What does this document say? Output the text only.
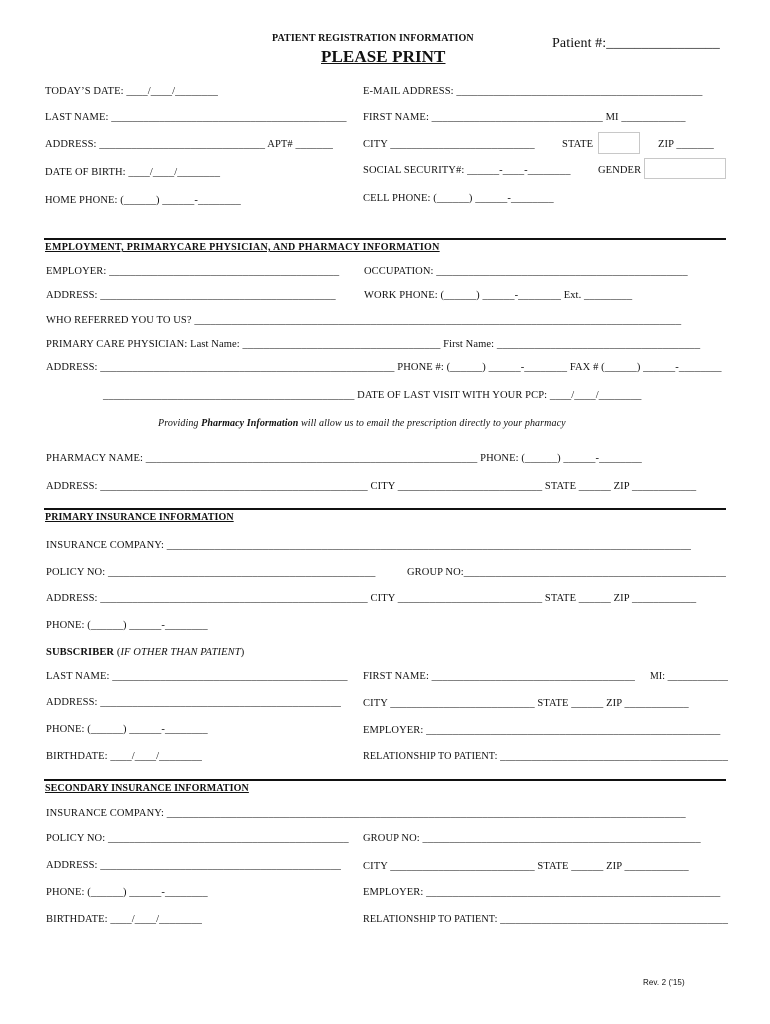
PATIENT REGISTRATION INFORMATION	Patient #:________________
PLEASE PRINT
TODAY’S DATE: ____/____/________	E-MAIL ADDRESS: ______________________________________________
LAST NAME: ____________________________________________ FIRST NAME: ________________________________ MI ____________
ADDRESS: _______________________________ APT# _______	CITY ___________________________	STATE	ZIP _______
DATE OF BIRTH: ____/____/________	SOCIAL SECURITY#: ______-____-________	GENDER
HOME PHONE: (______) ______-________	CELL PHONE: (______) ______-________
EMPLOYMENT, PRIMARYCARE PHYSICIAN, AND PHARMACY INFORMATION
EMPLOYER: ___________________________________________ OCCUPATION: _______________________________________________
ADDRESS: ____________________________________________	WORK PHONE: (______) ______-________ Ext. _________
WHO REFERRED YOU TO US? ___________________________________________________________________________________________
PRIMARY CARE PHYSICIAN: Last Name: _____________________________________ First Name: ______________________________________
ADDRESS: _______________________________________________________ PHONE #: (______) ______-________ FAX # (______) ______-________
_______________________________________________ DATE OF LAST VISIT WITH YOUR PCP: ____/____/________
Providing Pharmacy Information will allow us to email the prescription directly to your pharmacy
PHARMACY NAME: ______________________________________________________________ PHONE: (______) ______-________
ADDRESS: __________________________________________________ CITY ___________________________ STATE ______ ZIP ____________
PRIMARY INSURANCE INFORMATION
INSURANCE COMPANY: __________________________________________________________________________________________________
POLICY NO: __________________________________________________	GROUP NO:_________________________________________________
ADDRESS: __________________________________________________ CITY ___________________________ STATE ______ ZIP ____________
PHONE: (______) ______-________
SUBSCRIBER (IF OTHER THAN PATIENT)
LAST NAME: ____________________________________________ FIRST NAME: ______________________________________ MI: ____________
ADDRESS: _____________________________________________ CITY ___________________________ STATE ______ ZIP ____________
PHONE: (______) ______-________	EMPLOYER: _______________________________________________________
BIRTHDATE: ____/____/________	RELATIONSHIP TO PATIENT: ____________________________________________
SECONDARY INSURANCE INFORMATION
INSURANCE COMPANY: _________________________________________________________________________________________________
POLICY NO: _____________________________________________ GROUP NO: ____________________________________________________
ADDRESS: _____________________________________________ CITY ___________________________ STATE ______ ZIP ____________
PHONE: (______) ______-________	EMPLOYER: _______________________________________________________
BIRTHDATE: ____/____/________	RELATIONSHIP TO PATIENT: ____________________________________________
Rev. 2 ('15)
